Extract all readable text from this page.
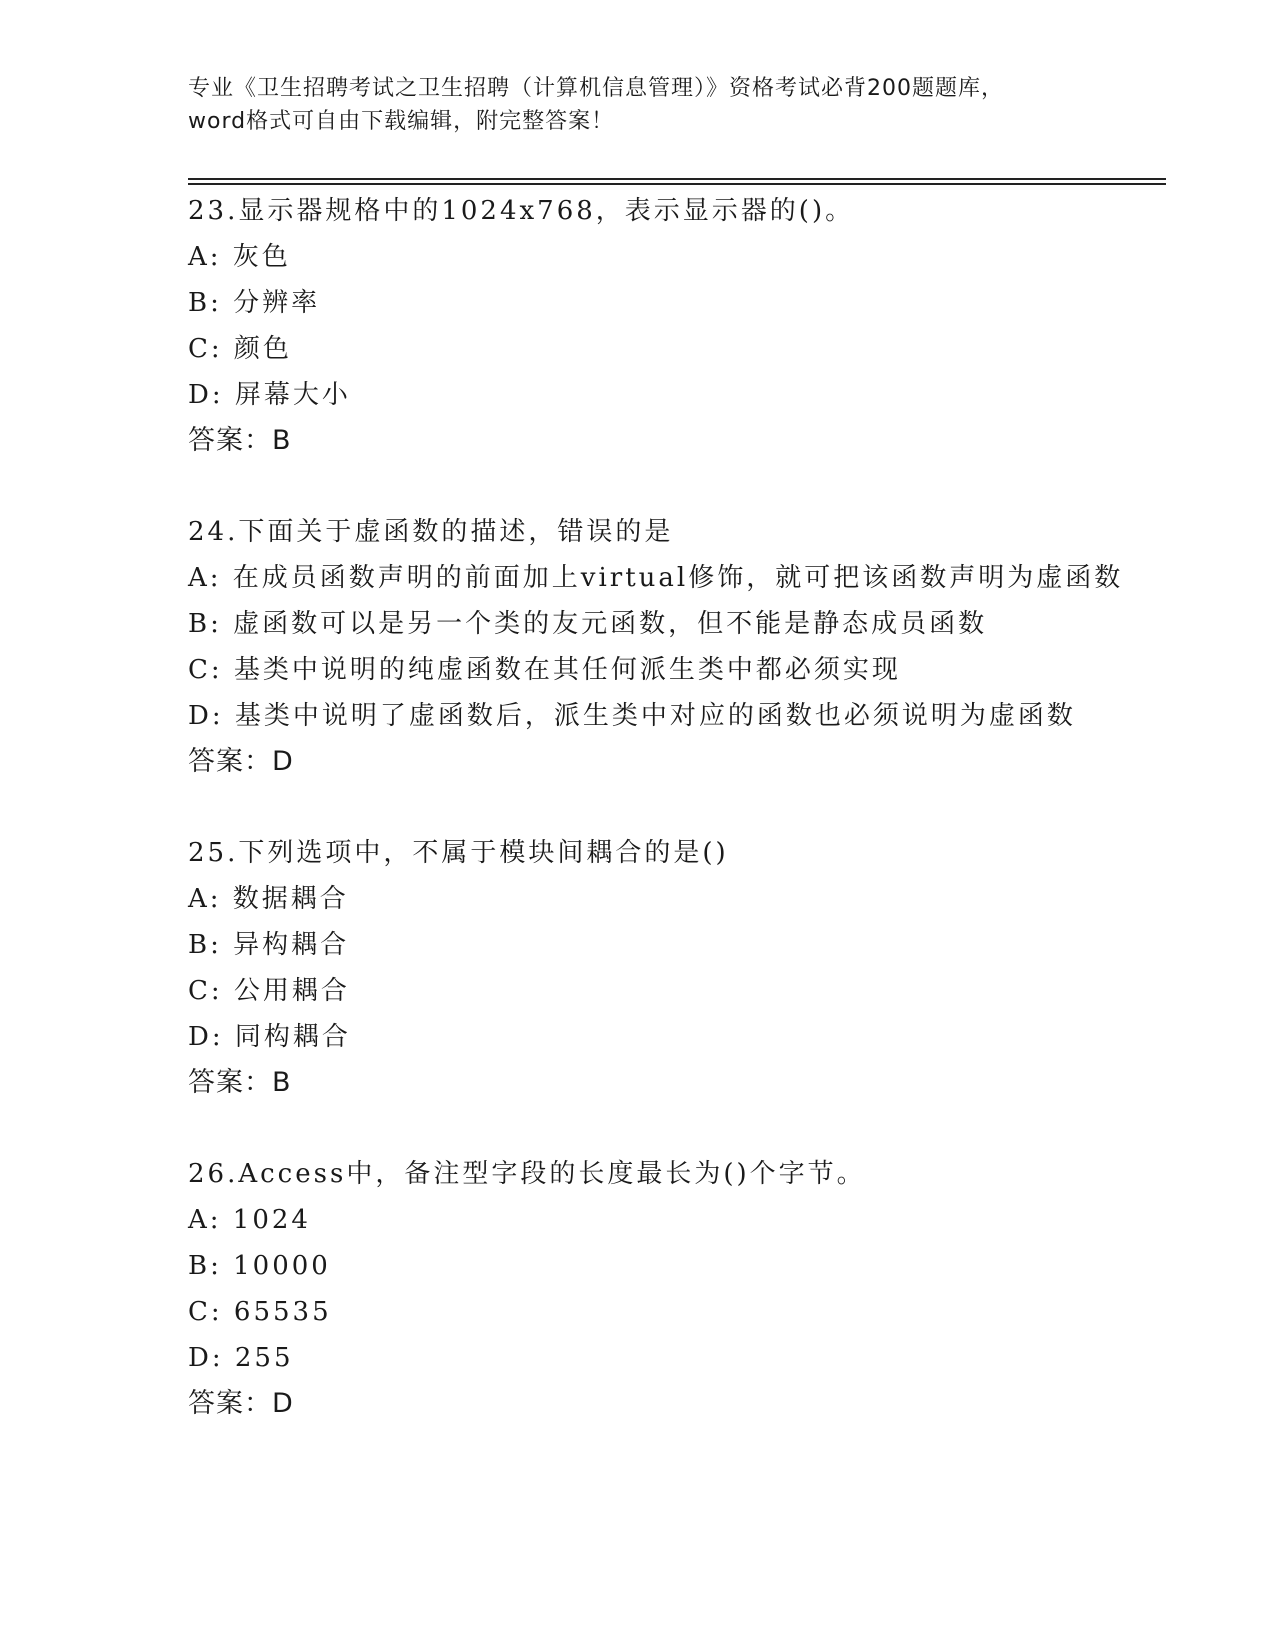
专业《卫生招聘考试之卫生招聘（计算机信息管理）》资格考试必背200题题库，
word格式可自由下载编辑，附完整答案！
23.显示器规格中的1024x768，表示显示器的()。
A: 灰色
B: 分辨率
C: 颜色
D: 屏幕大小
答案：B
24.下面关于虚函数的描述，错误的是
A: 在成员函数声明的前面加上virtual修饰，就可把该函数声明为虚函数
B: 虚函数可以是另一个类的友元函数，但不能是静态成员函数
C: 基类中说明的纯虚函数在其任何派生类中都必须实现
D: 基类中说明了虚函数后，派生类中对应的函数也必须说明为虚函数
答案：D
25.下列选项中，不属于模块间耦合的是()
A: 数据耦合
B: 异构耦合
C: 公用耦合
D: 同构耦合
答案：B
26.Access中，备注型字段的长度最长为()个字节。
A: 1024
B: 10000
C: 65535
D: 255
答案：D
